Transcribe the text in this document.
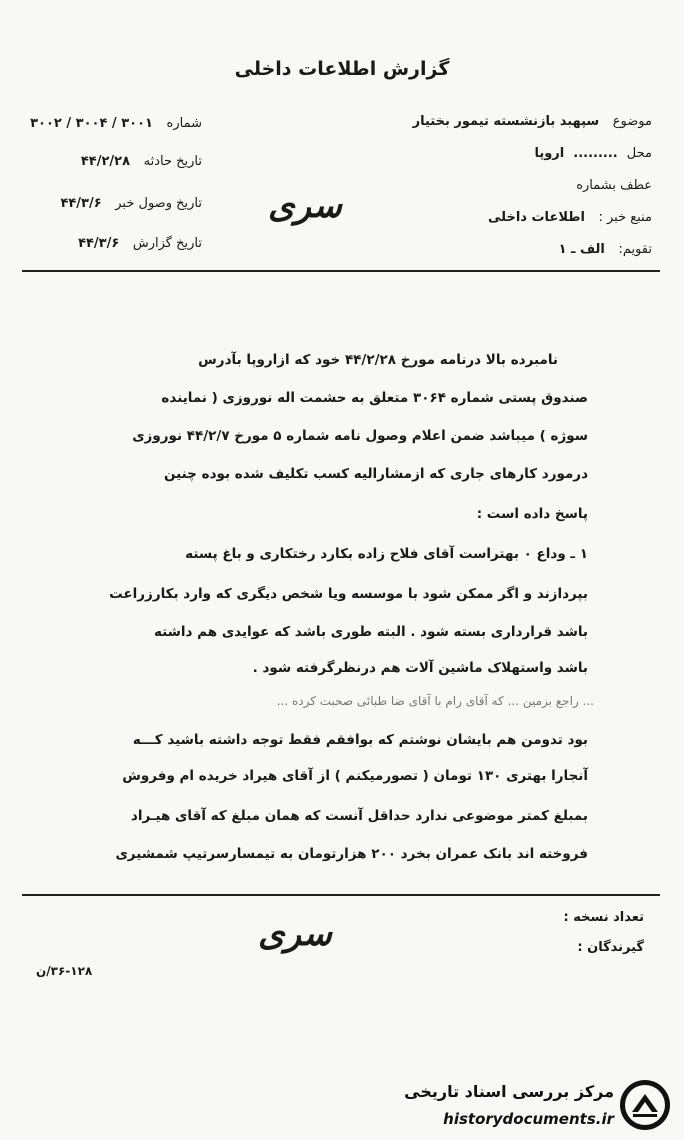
گزارش اطلاعات داخلی
موضوع   سپهبد بازنشسته تیمور بختیار
محل  .........  اروپا
عطف بشماره
منبع خبر :   اطلاعات داخلی
تقویم:   الف ـ ۱
شماره   ۳۰۰۱ / ۳۰۰۴ / ۳۰۰۲
تاریخ حادثه   ۴۴/۲/۲۸
تاریخ وصول خبر   ۴۴/۳/۶
تاریخ گزارش   ۴۴/۳/۶
سری
نامبرده بالا درنامه مورخ ۴۴/۲/۲۸ خود که ازاروپا بآدرس
صندوق پستی شماره ۳۰۶۴ متعلق به حشمت اله نوروزی ( نماینده
سوژه ) میباشد ضمن اعلام وصول نامه شماره ۵ مورخ ۴۴/۲/۷ نوروزی
درمورد کارهای جاری که ازمشارالیه کسب تکلیف شده بوده چنین
پاسخ داده است :
۱ ـ وداع ۰ بهتراست آقای فلاح زاده بکارد رختکاری و باغ پسته
بپردازند و اگر ممکن شود با موسسه ویا شخص دیگری که وارد بکارزراعت
باشد قرارداری بسته شود . البته طوری باشد که عوایدی هم داشته
باشد واستهلاک ماشین آلات هم درنظرگرفته شود .
... راجع بزمین ... که آقای رام با آقای ضا طبائی صحبت کرده ...
بود تدومن هم بایشان نوشتم که بوافقم فقط توجه داشته باشید کـــه
آنجارا بهتری ۱۳۰ تومان ( تصورمیکنم ) از آقای هیراد خریده ام وفروش
بمبلغ کمتر موضوعی ندارد حداقل آنست که همان مبلغ که آقای هیـراد
فروخته اند بانک عمران بخرد ۲۰۰ هزارتومان به تیمسارسرتیپ شمشیری
تعداد نسخه :
گیرندگان :
سری
۳۶-۱۲۸/ن
مرکز بررسی اسناد تاریخی
historydocuments.ir
